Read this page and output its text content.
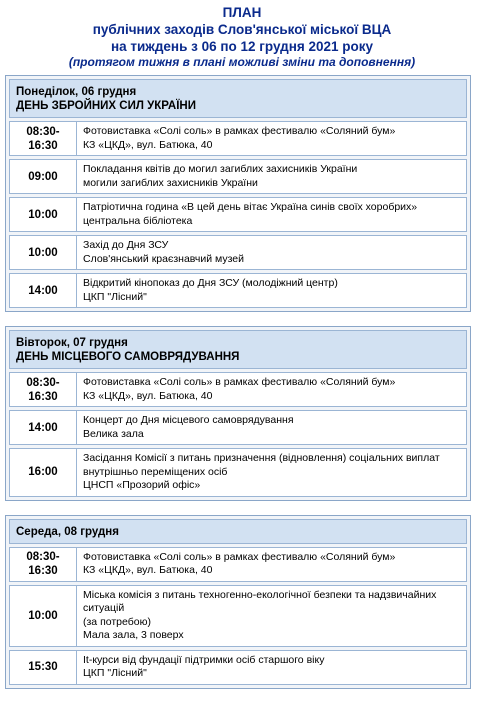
ПЛАН
публічних заходів Слов'янської міської ВЦА
на тиждень з 06 по 12 грудня 2021 року
(протягом тижня в плані можливі зміни та доповнення)
Понеділок, 06 грудня
ДЕНЬ ЗБРОЙНИХ СИЛ УКРАЇНИ
08:30-
16:30
Фотовиставка «Солі соль» в рамках фестивалю «Соляний бум»
КЗ «ЦКД», вул. Батюка, 40
09:00
Покладання квітів до могил загиблих захисників України
могили загиблих захисників України
10:00
Патріотична година «В цей день вітає Україна синів своїх хоробрих»
центральна бібліотека
10:00
Захід до Дня ЗСУ
Слов'янський краєзнавчий музей
14:00
Відкритий кінопоказ до Дня ЗСУ (молодіжний центр)
ЦКП "Лісний"
Вівторок, 07 грудня
ДЕНЬ МІСЦЕВОГО САМОВРЯДУВАННЯ
08:30-
16:30
Фотовиставка «Солі соль» в рамках фестивалю «Соляний бум»
КЗ «ЦКД», вул. Батюка, 40
14:00
Концерт до Дня місцевого самоврядування
Велика зала
16:00
Засідання Комісії з питань призначення (відновлення) соціальних виплат
внутрішньо переміщених осіб
ЦНСП «Прозорий офіс»
Середа, 08 грудня
08:30-
16:30
Фотовиставка «Солі соль» в рамках фестивалю «Соляний бум»
КЗ «ЦКД», вул. Батюка, 40
10:00
Міська комісія з питань техногенно-екологічної безпеки та надзвичайних ситуацій
(за потребою)
Мала зала, 3 поверх
15:30
It-курси від фундації підтримки осіб старшого віку
ЦКП "Лісний"
